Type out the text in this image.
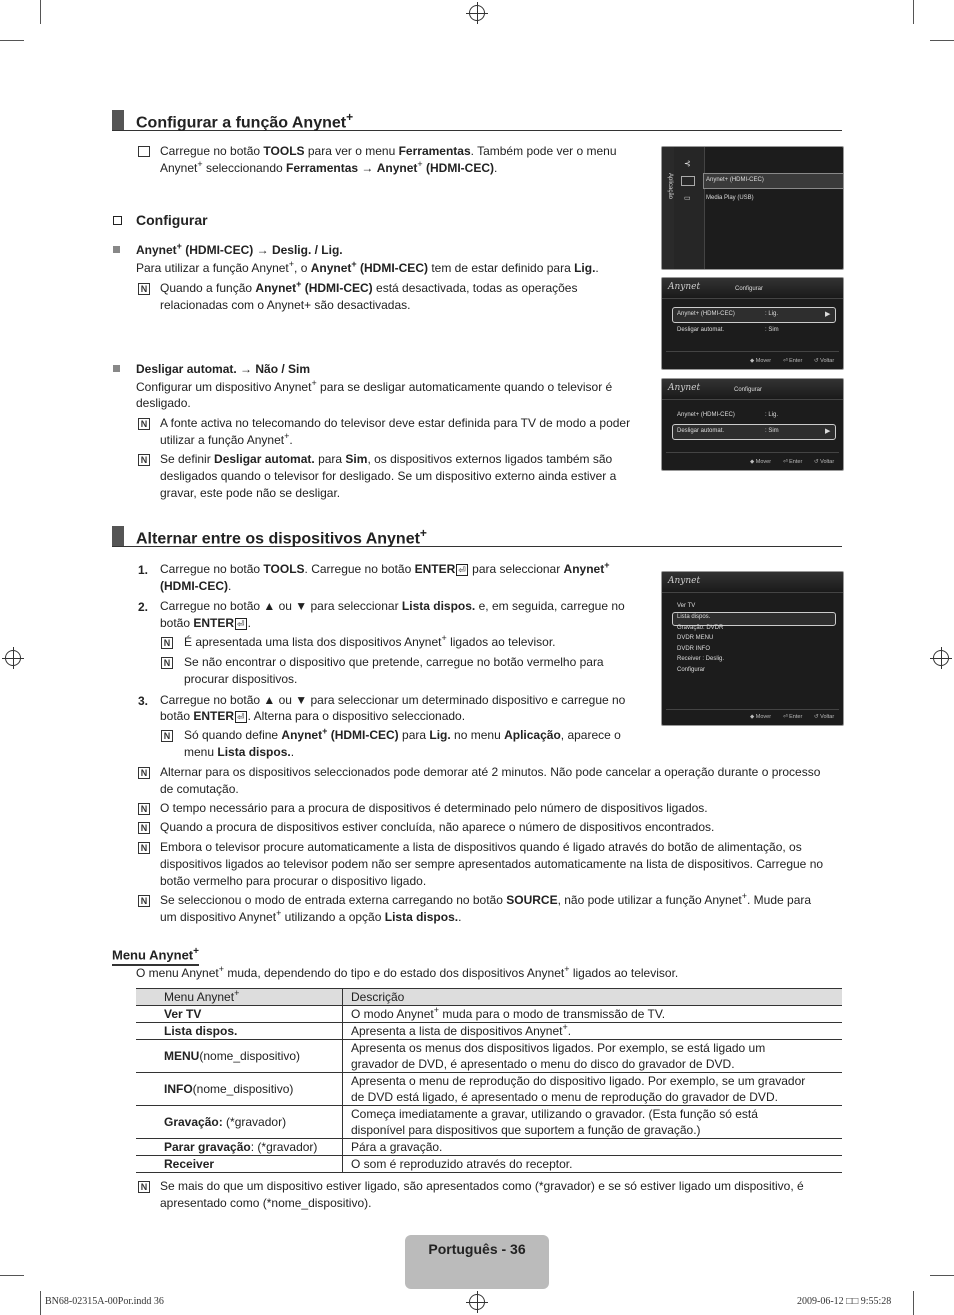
Configurar a função Anynet+
Carregue no botão TOOLS para ver o menu Ferramentas. Também pode ver o menu
Anynet+ seleccionando Ferramentas → Anynet+ (HDMI-CEC).
Configurar
Anynet+ (HDMI-CEC) → Deslig. / Lig.
Para utilizar a função Anynet+, o Anynet+ (HDMI-CEC) tem de estar definido para Lig..
N Quando a função Anynet+ (HDMI-CEC) está desactivada, todas as operações
relacionadas com o Anynet+ são desactivadas.
Desligar automat. → Não / Sim
Configurar um dispositivo Anynet+ para se desligar automaticamente quando o televisor é
desligado.
N A fonte activa no telecomando do televisor deve estar definida para TV de modo a poder
utilizar a função Anynet+.
N Se definir Desligar automat. para Sim, os dispositivos externos ligados também são
desligados quando o televisor for desligado. Se um dispositivo externo ainda estiver a
gravar, este pode não se desligar.
Aplicação
⊰
▭
Anynet+ (HDMI-CEC)
Media Play (USB)
Anynet	Configurar
Anynet+ (HDMI-CEC)	: Lig.	▶
Desligar automat.	: Sim
◆ Mover ⏎ Enter ↺ Voltar
Anynet	Configurar
Anynet+ (HDMI-CEC)	: Lig.
Desligar automat.	: Sim	▶
◆ Mover ⏎ Enter ↺ Voltar
Alternar entre os dispositivos Anynet+
1. Carregue no botão TOOLS. Carregue no botão ENTER ⏎ para seleccionar Anynet+
(HDMI-CEC).
2. Carregue no botão ▲ ou ▼ para seleccionar Lista dispos. e, em seguida, carregue no
botão ENTER ⏎ .
N É apresentada uma lista dos dispositivos Anynet+ ligados ao televisor.
N Se não encontrar o dispositivo que pretende, carregue no botão vermelho para
procurar dispositivos.
3. Carregue no botão ▲ ou ▼ para seleccionar um determinado dispositivo e carregue no
botão ENTER ⏎ . Alterna para o dispositivo seleccionado.
N Só quando define Anynet+ (HDMI-CEC) para Lig. no menu Aplicação, aparece o
menu Lista dispos..
Anynet
Ver TV
Lista dispos.
Gravação: DVDR
DVDR MENU
DVDR INFO
Receiver : Deslig.
Configurar
◆ Mover ⏎ Enter ↺ Voltar
N Alternar para os dispositivos seleccionados pode demorar até 2 minutos. Não pode cancelar a operação durante o processo
de comutação.
N O tempo necessário para a procura de dispositivos é determinado pelo número de dispositivos ligados.
N Quando a procura de dispositivos estiver concluída, não aparece o número de dispositivos encontrados.
N Embora o televisor procure automaticamente a lista de dispositivos quando é ligado através do botão de alimentação, os
dispositivos ligados ao televisor podem não ser sempre apresentados automaticamente na lista de dispositivos. Carregue no
botão vermelho para procurar o dispositivo ligado.
N Se seleccionou o modo de entrada externa carregando no botão SOURCE, não pode utilizar a função Anynet+. Mude para
um dispositivo Anynet+ utilizando a opção Lista dispos..
Menu Anynet+
O menu Anynet+ muda, dependendo do tipo e do estado dos dispositivos Anynet+ ligados ao televisor.
Menu Anynet+	Descrição
Ver TV	O modo Anynet+ muda para o modo de transmissão de TV.

Lista dispos.	Apresenta a lista de dispositivos Anynet+.

MENU(nome_dispositivo)	Apresenta os menus dos dispositivos ligados. Por exemplo, se está ligado um
gravador de DVD, é apresentado o menu do disco do gravador de DVD.

INFO(nome_dispositivo)	Apresenta o menu de reprodução do dispositivo ligado. Por exemplo, se um gravador
de DVD está ligado, é apresentado o menu de reprodução do gravador de DVD.

Gravação: (*gravador)	Começa imediatamente a gravar, utilizando o gravador. (Esta função só está
disponível para dispositivos que suportem a função de gravação.)

Parar gravação: (*gravador)	Pára a gravação.

Receiver	O som é reproduzido através do receptor.
N Se mais do que um dispositivo estiver ligado, são apresentados como (*gravador) e se só estiver ligado um dispositivo, é
apresentado como (*nome_dispositivo).
Português - 36
BN68-02315A-00Por.indd 36	2009-06-12 □□ 9:55:28
